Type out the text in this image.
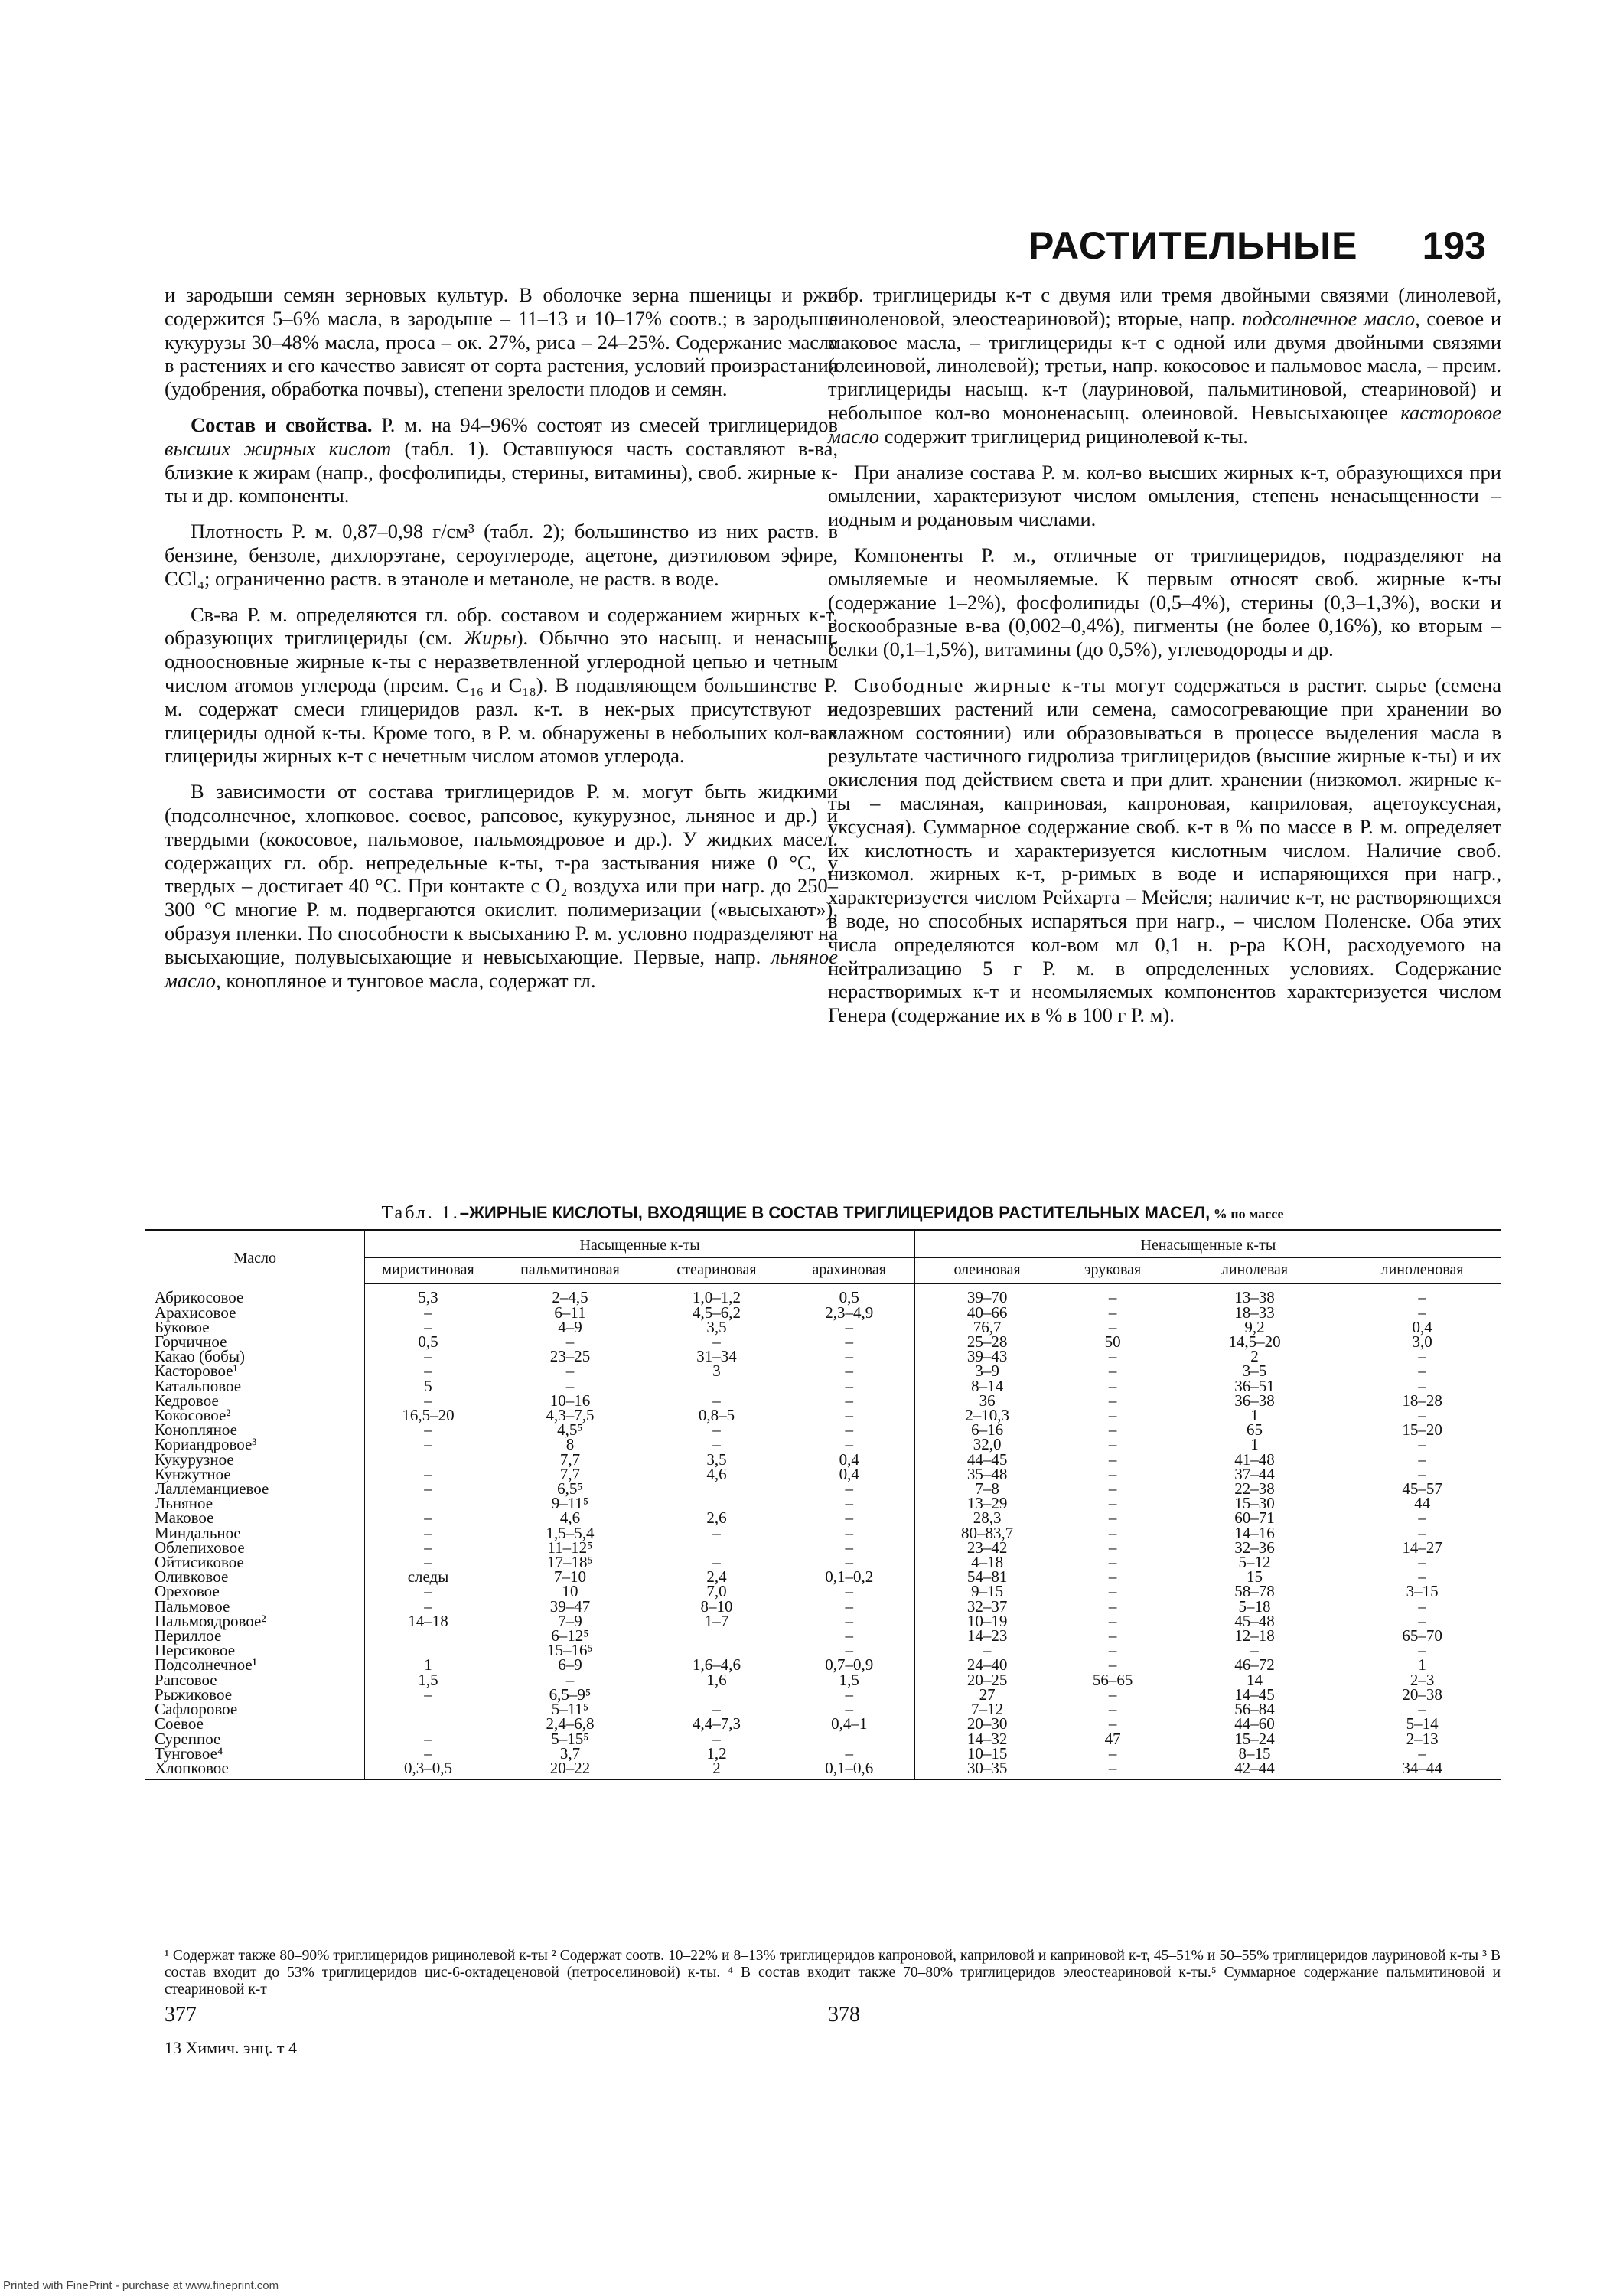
РАСТИТЕЛЬНЫЕ 193

и зародыши семян зерновых культур. В оболочке зерна пшеницы и ржи содержится 5–6% масла, в зародыше – 11–13 и 10–17% соотв.; в зародыше кукурузы 30–48% масла, проса – ок. 27%, риса – 24–25%. Содержание масла в растениях и его качество зависят от сорта растения, условий произрастания (удобрения, обработка почвы), степени зрелости плодов и семян.

Состав и свойства. Р. м. на 94–96% состоят из смесей триглицеридов высших жирных кислот (табл. 1). Оставшуюся часть составляют в-ва, близкие к жирам (напр., фосфолипиды, стерины, витамины), своб. жирные к-ты и др. компоненты.

Плотность Р. м. 0,87–0,98 г/см³ (табл. 2); большинство из них раств. в бензине, бензоле, дихлорэтане, сероуглероде, ацетоне, диэтиловом эфире, CCl₄; ограниченно раств. в этаноле и метаноле, не раств. в воде.

Св-ва Р. м. определяются гл. обр. составом и содержанием жирных к-т, образующих триглицериды (см. Жиры). Обычно это насыщ. и ненасыщ. одноосновные жирные к-ты с неразветвленной углеродной цепью и четным числом атомов углерода (преим. C₁₆ и C₁₈). В подавляющем большинстве Р. м. содержат смеси глицеридов разл. к-т. в нек-рых присутствуют и глицериды одной к-ты. Кроме того, в Р. м. обнаружены в небольших кол-вах глицериды жирных к-т с нечетным числом атомов углерода.

В зависимости от состава триглицеридов Р. м. могут быть жидкими (подсолнечное, хлопковое. соевое, рапсовое, кукурузное, льняное и др.) и твердыми (кокосовое, пальмовое, пальмоядровое и др.). У жидких масел. содержащих гл. обр. непредельные к-ты, т-ра застывания ниже 0 °C, у твердых – достигает 40 °C. При контакте с O₂ воздуха или при нагр. до 250–300 °C многие Р. м. подвергаются окислит. полимеризации («высыхают»), образуя пленки. По способности к высыханию Р. м. условно подразделяют на высыхающие, полувысыхающие и невысыхающие. Первые, напр. льняное масло, конопляное и тунговое масла, содержат гл.

обр. триглицериды к-т с двумя или тремя двойными связями (линолевой, линоленовой, элеостеариновой); вторые, напр. подсолнечное масло, соевое и маковое масла, – триглицериды к-т с одной или двумя двойными связями (олеиновой, линолевой); третьи, напр. кокосовое и пальмовое масла, – преим. триглицериды насыщ. к-т (лауриновой, пальмитиновой, стеариновой) и небольшое кол-во мононенасыщ. олеиновой. Невысыхающее касторовое масло содержит триглицерид рицинолевой к-ты.

При анализе состава Р. м. кол-во высших жирных к-т, образующихся при омылении, характеризуют числом омыления, степень ненасыщенности – иодным и родановым числами.

Компоненты Р. м., отличные от триглицеридов, подразделяют на омыляемые и неомыляемые. К первым относят своб. жирные к-ты (содержание 1–2%), фосфолипиды (0,5–4%), стерины (0,3–1,3%), воски и воскообразные в-ва (0,002–0,4%), пигменты (не более 0,16%), ко вторым – белки (0,1–1,5%), витамины (до 0,5%), углеводороды и др.

Свободные жирные к-ты могут содержаться в растит. сырье (семена недозревших растений или семена, самосогревающие при хранении во влажном состоянии) или образовываться в процессе выделения масла в результате частичного гидролиза триглицеридов (высшие жирные к-ты) и их окисления под действием света и при длит. хранении (низкомол. жирные к-ты – масляная, каприновая, капроновая, каприловая, ацетоуксусная, уксусная). Суммарное содержание своб. к-т в % по массе в Р. м. определяет их кислотность и характеризуется кислотным числом. Наличие своб. низкомол. жирных к-т, р-римых в воде и испаряющихся при нагр., характеризуется числом Рейхарта – Мейсля; наличие к-т, не растворяющихся в воде, но способных испаряться при нагр., – числом Поленске. Оба этих числа определяются кол-вом мл 0,1 н. р-ра KOH, расходуемого на нейтрализацию 5 г Р. м. в определенных условиях. Содержание нерастворимых к-т и неомыляемых компонентов характеризуется числом Генера (содержание их в % в 100 г Р. м).

Табл. 1.–ЖИРНЫЕ КИСЛОТЫ, ВХОДЯЩИЕ В СОСТАВ ТРИГЛИЦЕРИДОВ РАСТИТЕЛЬНЫХ МАСЕЛ, % по массе
Масло	Насыщенные к-ты				Ненасыщенные к-ты			
	миристиновая	пальмитиновая	стеариновая	арахиновая	олеиновая	эруковая	линолевая	линоленовая
Абрикосовое	5,3	2–4,5	1,0–1,2	0,5	39–70	–	13–38	–
Арахисовое	–	6–11	4,5–6,2	2,3–4,9	40–66	–	18–33	–
Буковое	–	4–9	3,5	–	76,7	–	9,2	0,4
Горчичное	0,5	–	–	–	25–28	50	14,5–20	3,0
Какао (бобы)	–	23–25	31–34	–	39–43	–	2	–
Касторовое¹	–	–	3	–	3–9	–	3–5	–
Катальповое	5	–		–	8–14	–	36–51	–
Кедровое	–	10–16	–	–	36	–	36–38	18–28
Кокосовое²	16,5–20	4,3–7,5	0,8–5	–	2–10,3	–	1	–
Конопляное	–	4,5⁵	–	–	6–16	–	65	15–20
Кориандровое³	–	8	–	–	32,0	–	1	–
Кукурузное		7,7	3,5	0,4	44–45	–	41–48	–
Кунжутное	–	7,7	4,6	0,4	35–48	–	37–44	–
Лаллеманциевое	–	6,5⁵		–	7–8	–	22–38	45–57
Льняное		9–11⁵		–	13–29	–	15–30	44
Маковое	–	4,6	2,6	–	28,3	–	60–71	–
Миндальное	–	1,5–5,4	–	–	80–83,7	–	14–16	–
Облепиховое	–	11–12⁵		–	23–42	–	32–36	14–27
Ойтисиковое	–	17–18⁵	–	–	4–18	–	5–12	–
Оливковое	следы	7–10	2,4	0,1–0,2	54–81	–	15	–
Ореховое	–	10	7,0	–	9–15	–	58–78	3–15
Пальмовое	–	39–47	8–10	–	32–37	–	5–18	–
Пальмоядровое²	14–18	7–9	1–7	–	10–19	–	45–48	–
Периллое		6–12⁵		–	14–23	–	12–18	65–70
Персиковое		15–16⁵		–	–	–	–	–
Подсолнечное¹	1	6–9	1,6–4,6	0,7–0,9	24–40	–	46–72	1
Рапсовое	1,5	–	1,6	1,5	20–25	56–65	14	2–3
Рыжиковое	–	6,5–9⁵		–	27	–	14–45	20–38
Сафлоровое		5–11⁵	–	–	7–12	–	56–84	–
Соевое		2,4–6,8	4,4–7,3	0,4–1	20–30	–	44–60	5–14
Суреппое	–	5–15⁵	–		14–32	47	15–24	2–13
Тунговое⁴	–	3,7	1,2	–	10–15	–	8–15	–
Хлопковое	0,3–0,5	20–22	2	0,1–0,6	30–35	–	42–44	34–44
¹ Содержат также 80–90% триглицеридов рицинолевой к-ты ² Содержат соотв. 10–22% и 8–13% триглицеридов капроновой, каприловой и каприновой к-т, 45–51% и 50–55% триглицеридов лауриновой к-ты ³ В состав входит до 53% триглицеридов цис-6-октадеценовой (петроселиновой) к-ты. ⁴ В состав входит также 70–80% триглицеридов элеостеариновой к-ты.⁵ Суммарное содержание пальмитиновой и стеариновой к-т
377	378
13 Химич. энц. т 4
Printed with FinePrint - purchase at www.fineprint.com
